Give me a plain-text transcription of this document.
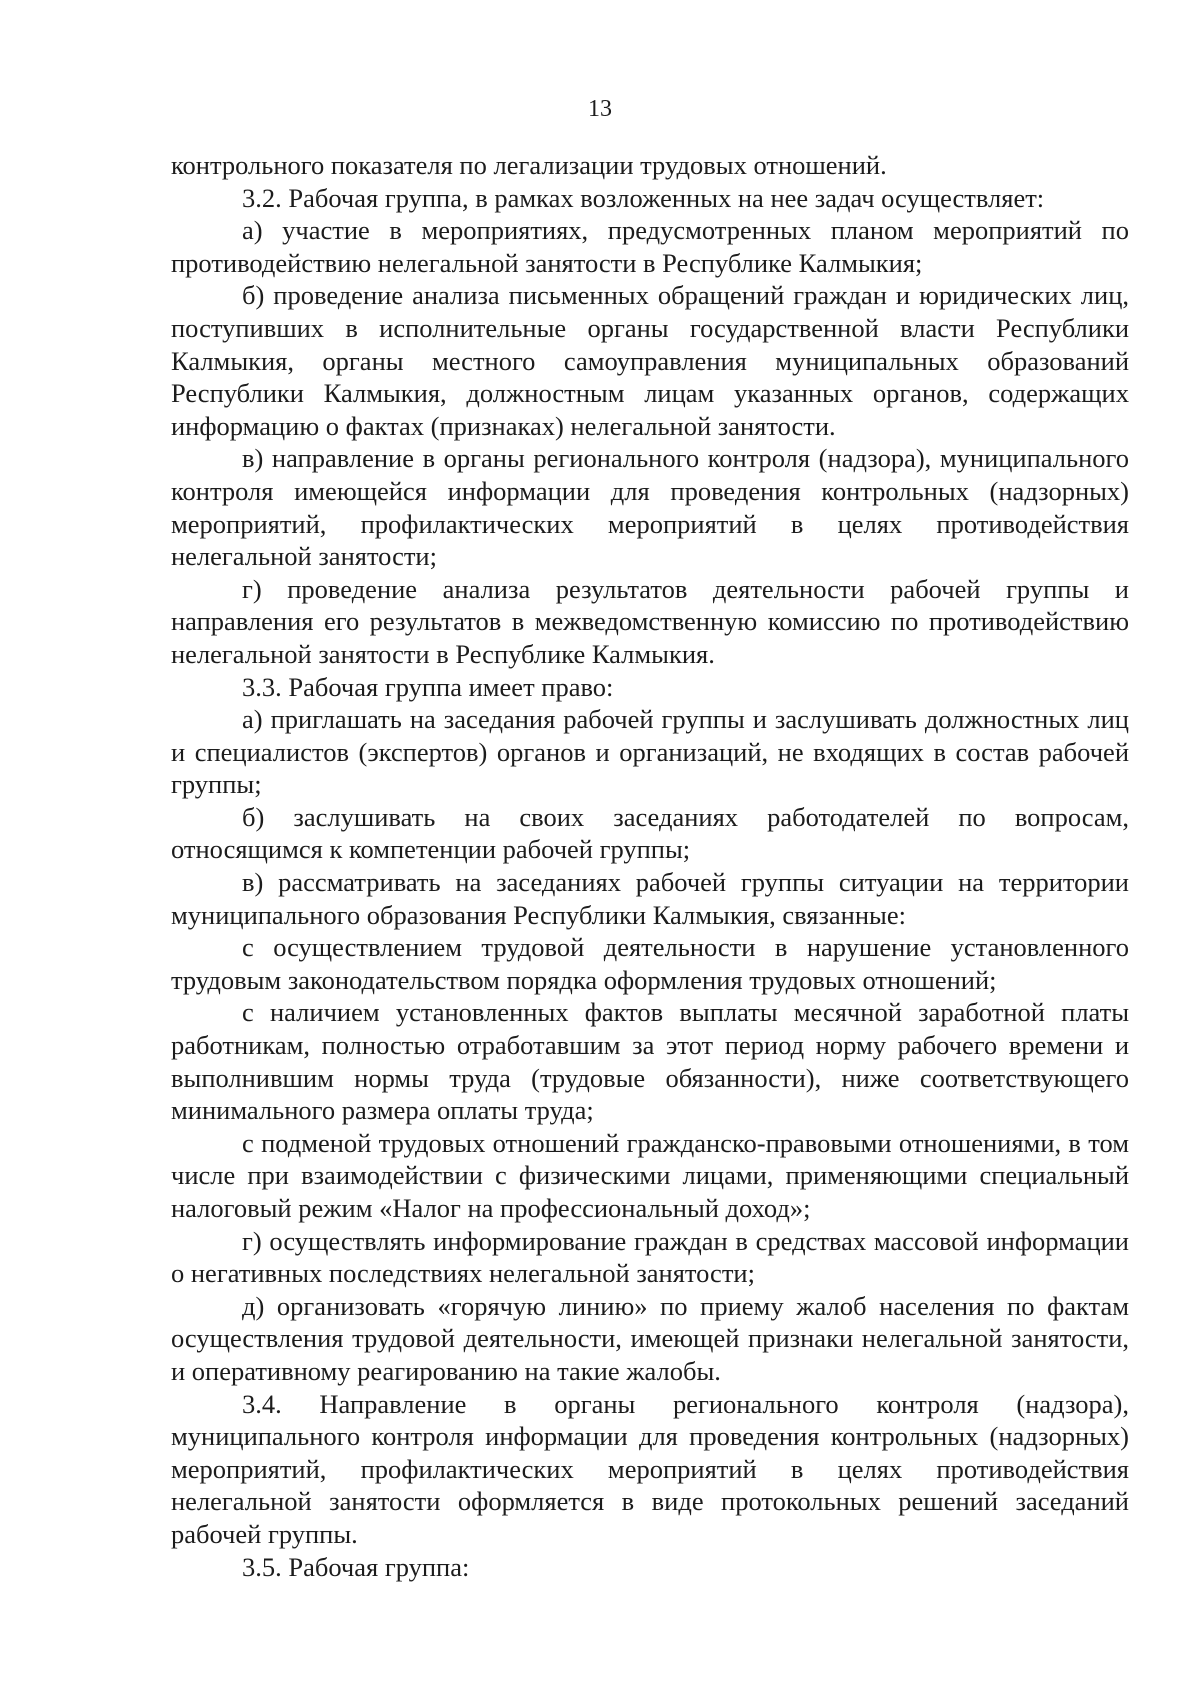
13

контрольного показателя по легализации трудовых отношений.

3.2. Рабочая группа, в рамках возложенных на нее задач осуществляет:

а) участие в мероприятиях, предусмотренных планом мероприятий по противодействию нелегальной занятости в Республике Калмыкия;

б) проведение анализа письменных обращений граждан и юридических лиц, поступивших в исполнительные органы государственной власти Республики Калмыкия, органы местного самоуправления муниципальных образований Республики Калмыкия, должностным лицам указанных органов, содержащих информацию о фактах (признаках) нелегальной занятости.

в) направление в органы регионального контроля (надзора), муниципального контроля имеющейся информации для проведения контрольных (надзорных) мероприятий, профилактических мероприятий в целях противодействия нелегальной занятости;

г) проведение анализа результатов деятельности рабочей группы и направления его результатов в межведомственную комиссию по противодействию нелегальной занятости в Республике Калмыкия.

3.3. Рабочая группа имеет право:

а) приглашать на заседания рабочей группы и заслушивать должностных лиц и специалистов (экспертов) органов и организаций, не входящих в состав рабочей группы;

б) заслушивать на своих заседаниях работодателей по вопросам, относящимся к компетенции рабочей группы;

в) рассматривать на заседаниях рабочей группы ситуации на территории муниципального образования Республики Калмыкия, связанные:

с осуществлением трудовой деятельности в нарушение установленного трудовым законодательством порядка оформления трудовых отношений;

с наличием установленных фактов выплаты месячной заработной платы работникам, полностью отработавшим за этот период норму рабочего времени и выполнившим нормы труда (трудовые обязанности), ниже соответствующего минимального размера оплаты труда;

с подменой трудовых отношений гражданско-правовыми отношениями, в том числе при взаимодействии с физическими лицами, применяющими специальный налоговый режим «Налог на профессиональный доход»;

г) осуществлять информирование граждан в средствах массовой информации о негативных последствиях нелегальной занятости;

д) организовать «горячую линию» по приему жалоб населения по фактам осуществления трудовой деятельности, имеющей признаки нелегальной занятости, и оперативному реагированию на такие жалобы.

3.4. Направление в органы регионального контроля (надзора), муниципального контроля информации для проведения контрольных (надзорных) мероприятий, профилактических мероприятий в целях противодействия нелегальной занятости оформляется в виде протокольных решений заседаний рабочей группы.

3.5. Рабочая группа:
